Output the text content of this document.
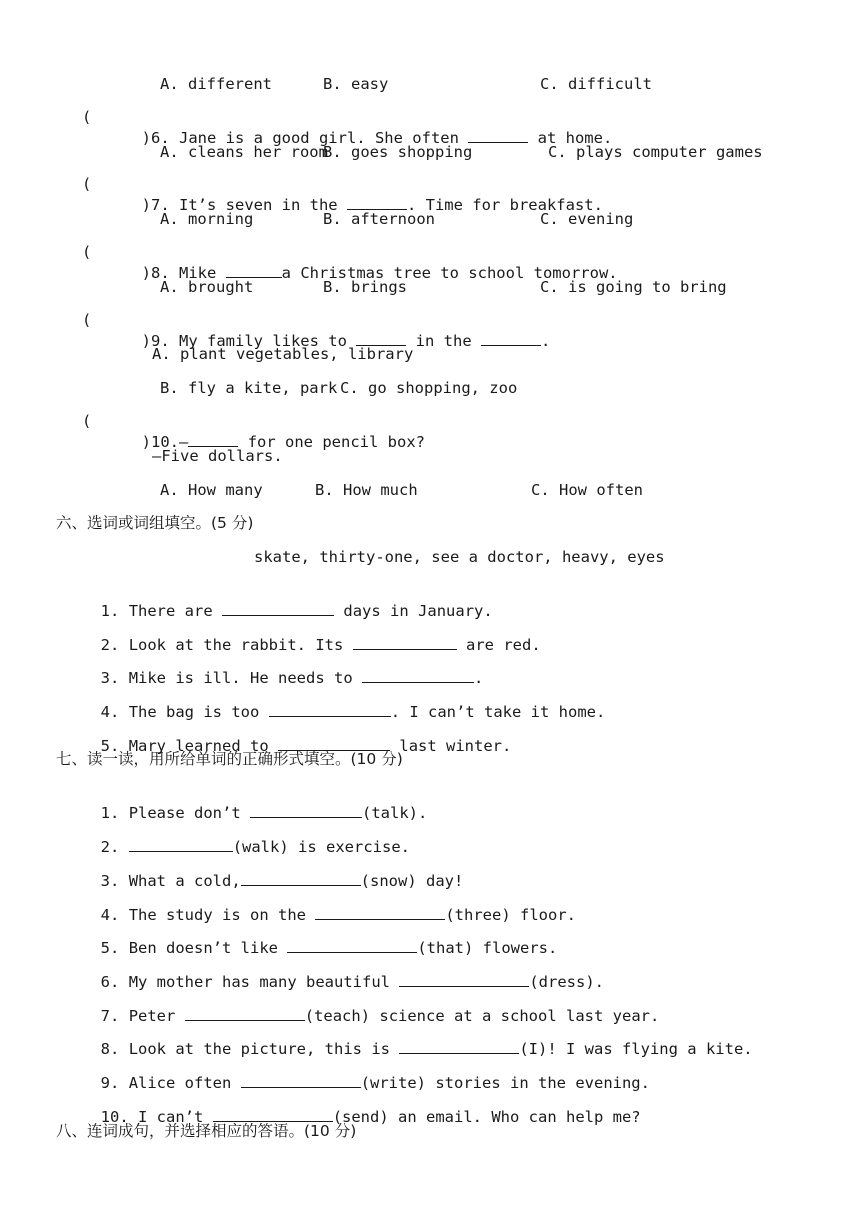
A. different	B. easy	C. difficult
(

)6. Jane is a good girl. She often	at home.

A. cleans her room
B. goes shopping	C. plays computer games
(

)7. It’s seven in the	. Time for breakfast.

A. morning	B. afternoon	C. evening
(

)8. Mike	a Christmas tree to school tomorrow.

A. brought	B. brings	C. is going to bring
(

)9. My family likes to	in the	.

A. plant vegetables, library
B. fly a kite, park C. go shopping, zoo
(

)10.—	for one pencil box?

—Five dollars.
A. How many	B. How much	C. How often
六、选词或词组填空。(5 分)
skate, thirty-one, see a doctor, heavy, eyes

1. There are	days in January.

2. Look at the rabbit. Its	are red.

3. Mike is ill. He needs to	.

4. The bag is too	. I can’t take it home.

5. Mary learned to	last winter.

七、读一读，用所给单词的正确形式填空。(10 分)

1. Please don’t	(talk).

2.	(walk) is exercise.

3. What a cold,	(snow) day!

4. The study is on the	(three) floor.

5. Ben doesn’t like	(that) flowers.

6. My mother has many beautiful	(dress).

7. Peter	(teach) science at a school last year.

8. Look at the picture, this is	(I)! I was flying a kite.

9. Alice often	(write) stories in the evening.

10. I can’t	(send) an email. Who can help me?

八、连词成句，并选择相应的答语。(10 分)
